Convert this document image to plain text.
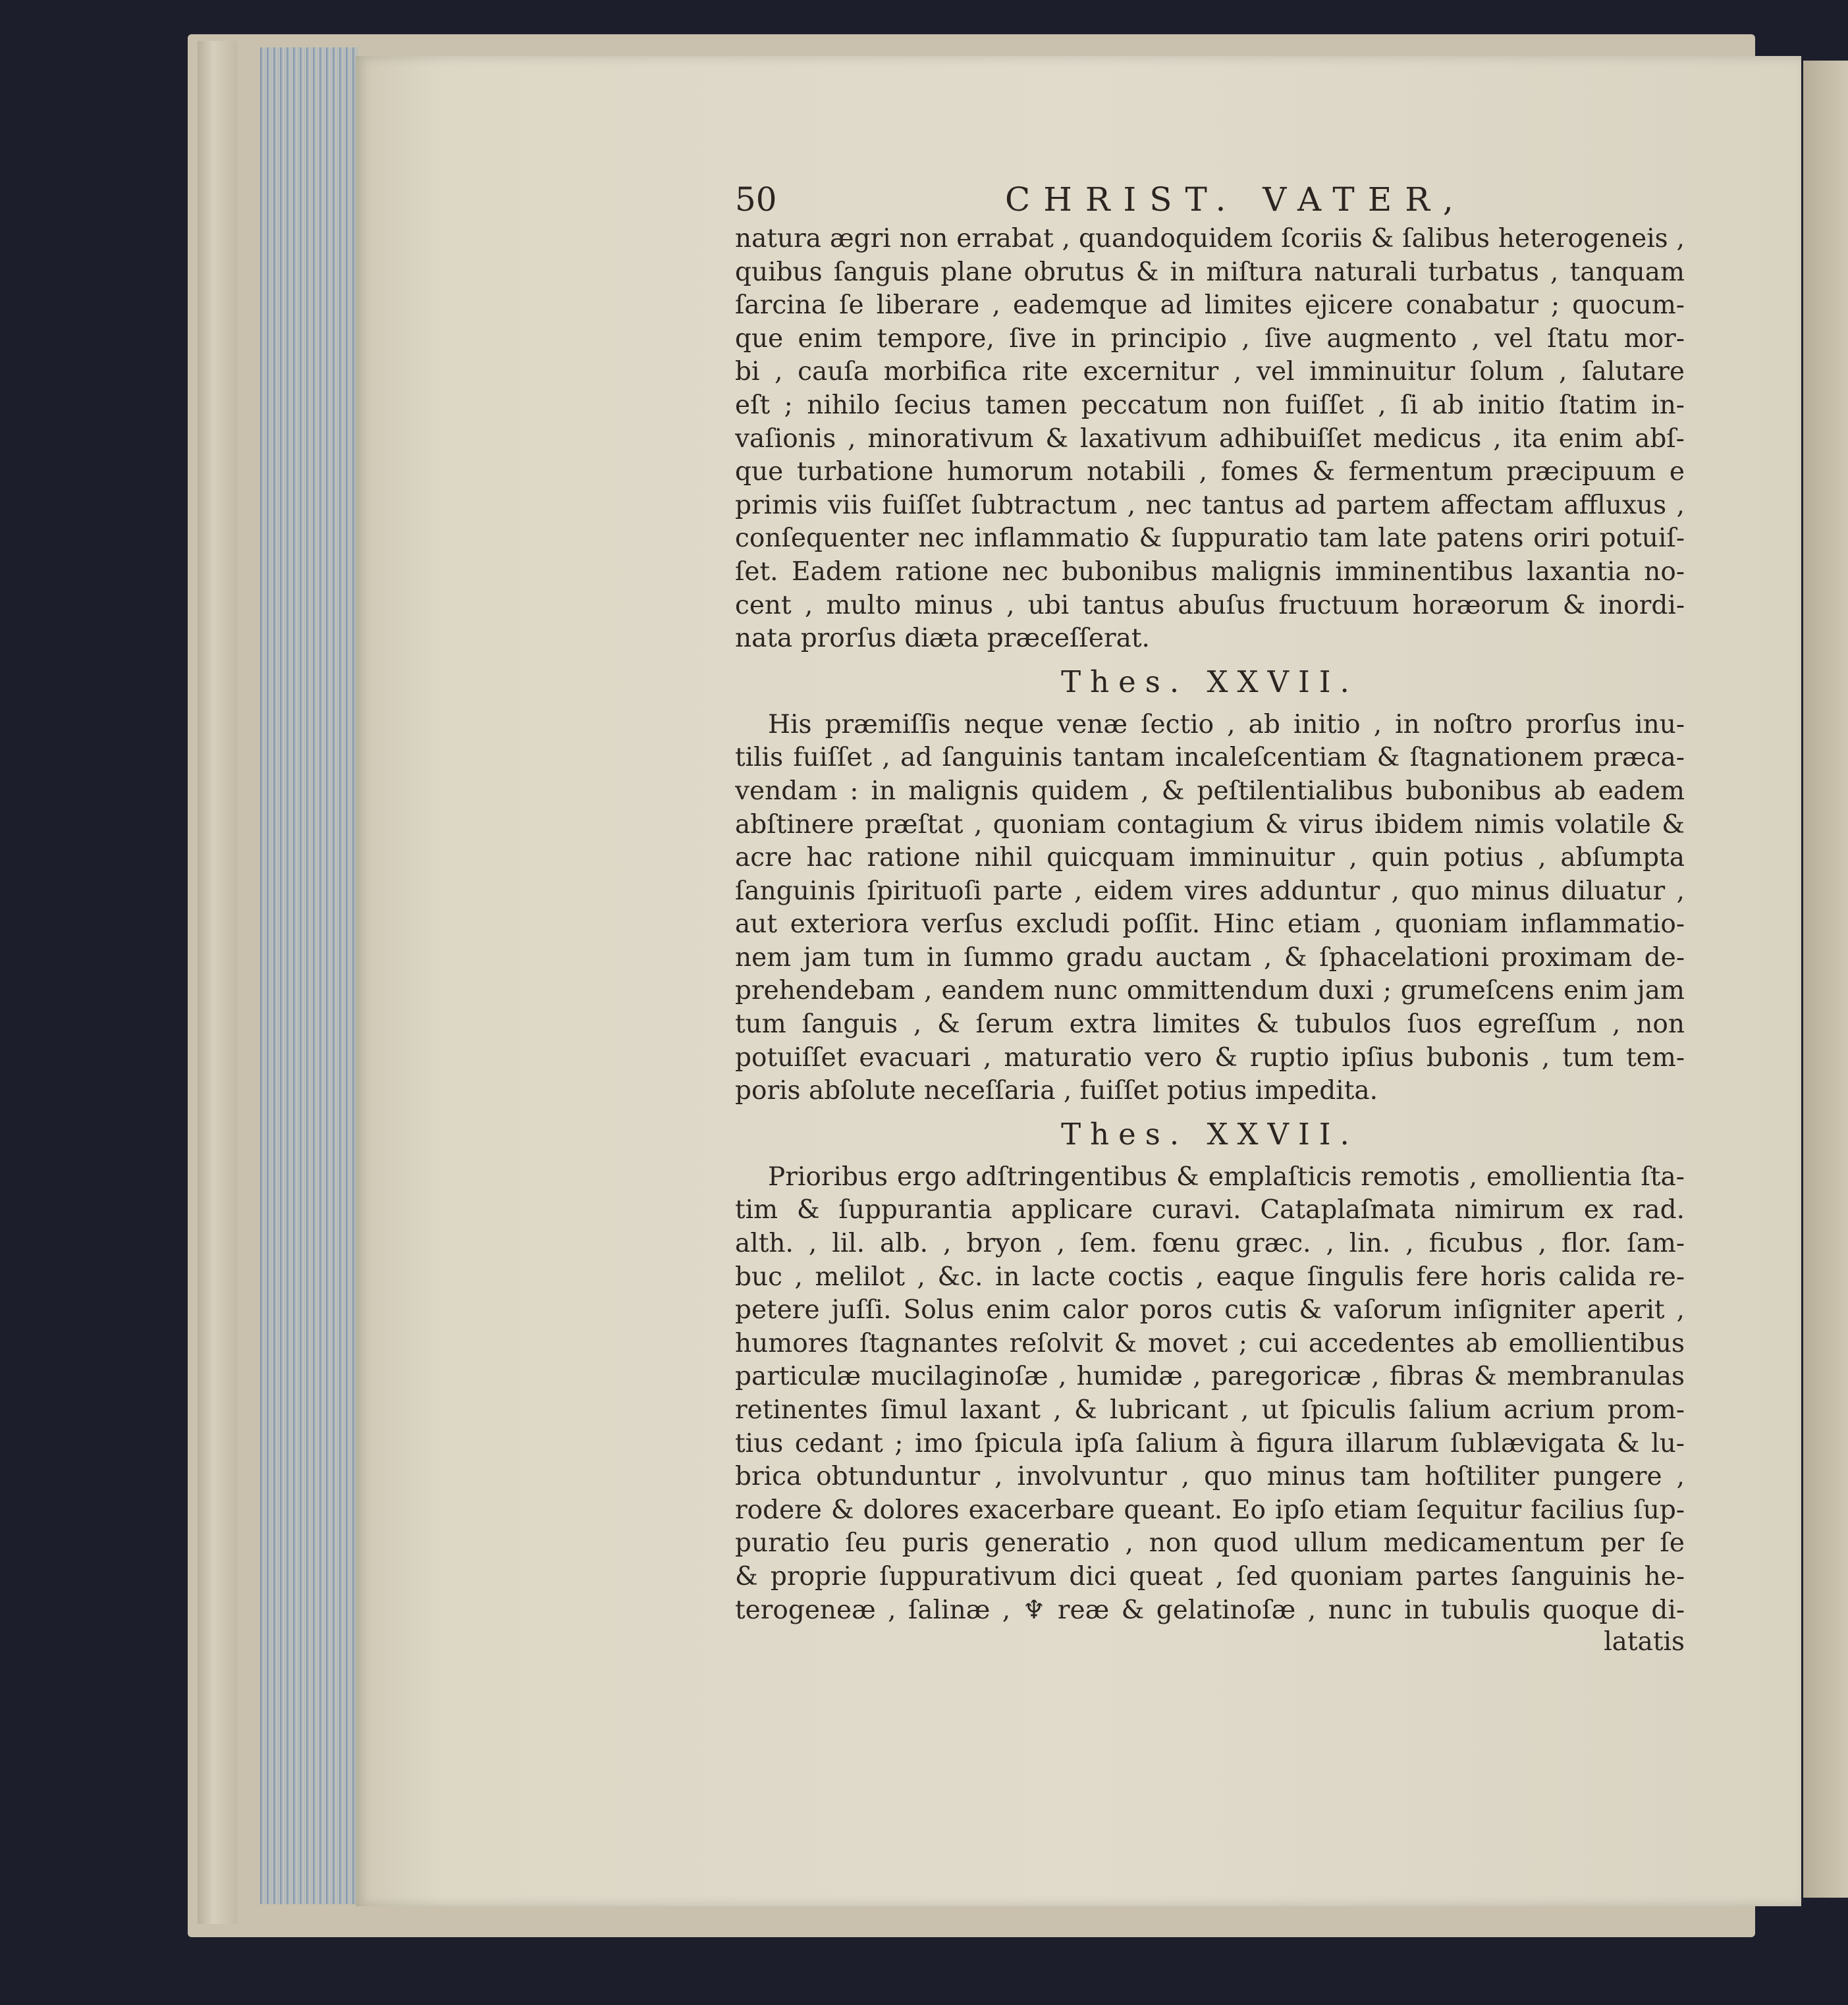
50	CHRIST. VATER,
natura ægri non errabat , quandoquidem ſcoriis & ſalibus heterogeneis ,
quibus ſanguis plane obrutus & in miſtura naturali turbatus , tanquam
ſarcina ſe liberare , eademque ad limites ejicere conabatur ; quocum-
que enim tempore, ſive in principio , ſive augmento , vel ſtatu mor-
bi , cauſa morbifica rite excernitur , vel imminuitur ſolum , ſalutare
eſt ; nihilo ſecius tamen peccatum non fuiſſet , ſi ab initio ſtatim in-
vaſionis , minorativum & laxativum adhibuiſſet medicus , ita enim abſ-
que turbatione humorum notabili , fomes & fermentum præcipuum e
primis viis fuiſſet ſubtractum , nec tantus ad partem affectam affluxus ,
conſequenter nec inflammatio & ſuppuratio tam late patens oriri potuiſ-
ſet. Eadem ratione nec bubonibus malignis imminentibus laxantia no-
cent , multo minus , ubi tantus abuſus fructuum horæorum & inordi-
nata prorſus diæta præceſſerat.
Thes. XXVII.
His præmiſſis neque venæ ſectio , ab initio , in noſtro prorſus inu-
tilis fuiſſet , ad ſanguinis tantam incaleſcentiam & ſtagnationem præca-
vendam : in malignis quidem , & peſtilentialibus bubonibus ab eadem
abſtinere præſtat , quoniam contagium & virus ibidem nimis volatile &
acre hac ratione nihil quicquam imminuitur , quin potius , abſumpta
ſanguinis ſpirituoſi parte , eidem vires adduntur , quo minus diluatur ,
aut exteriora verſus excludi poſſit. Hinc etiam , quoniam inflammatio-
nem jam tum in ſummo gradu auctam , & ſphacelationi proximam de-
prehendebam , eandem nunc ommittendum duxi ; grumeſcens enim jam
tum ſanguis , & ſerum extra limites & tubulos ſuos egreſſum , non
potuiſſet evacuari , maturatio vero & ruptio ipſius bubonis , tum tem-
poris abſolute neceſſaria , fuiſſet potius impedita.
Thes. XXVII.
Prioribus ergo adſtringentibus & emplaſticis remotis , emollientia ſta-
tim & ſuppurantia applicare curavi. Cataplaſmata nimirum ex rad.
alth. , lil. alb. , bryon , ſem. fœnu græc. , lin. , ficubus , flor. ſam-
buc , melilot , &c. in lacte coctis , eaque ſingulis fere horis calida re-
petere juſſi. Solus enim calor poros cutis & vaſorum inſigniter aperit ,
humores ſtagnantes reſolvit & movet ; cui accedentes ab emollientibus
particulæ mucilaginoſæ , humidæ , paregoricæ , fibras & membranulas
retinentes ſimul laxant , & lubricant , ut ſpiculis ſalium acrium prom-
tius cedant ; imo ſpicula ipſa ſalium à figura illarum ſublævigata & lu-
brica obtunduntur , involvuntur , quo minus tam hoſtiliter pungere ,
rodere & dolores exacerbare queant. Eo ipſo etiam ſequitur facilius ſup-
puratio ſeu puris generatio , non quod ullum medicamentum per ſe
& proprie ſuppurativum dici queat , ſed quoniam partes ſanguinis he-
terogeneæ , ſalinæ , ♆ reæ & gelatinoſæ , nunc in tubulis quoque di-
latatis
